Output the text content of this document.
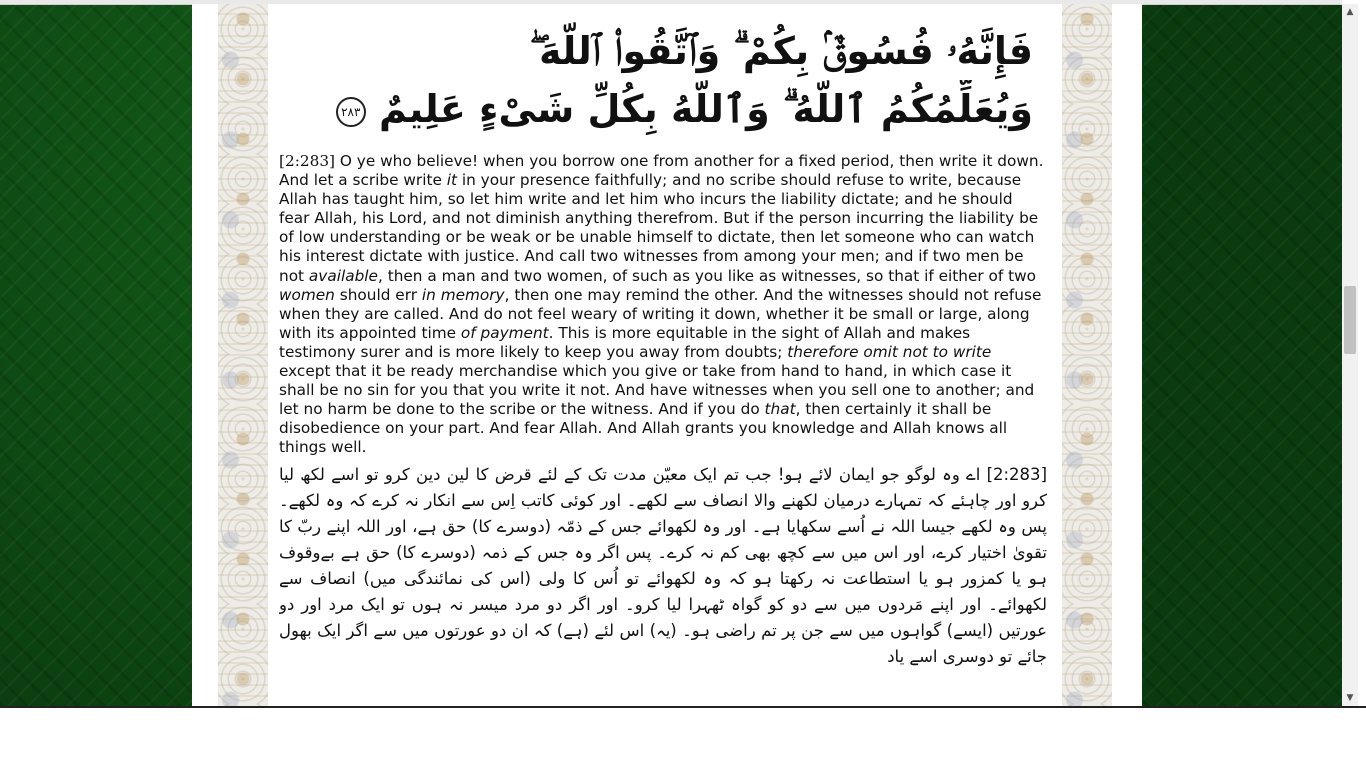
فَإِنَّهُۥ فُسُوقٌۢ بِكُمْ ۗ وَٱتَّقُوا۟ ٱللَّهَ ۖ
وَيُعَلِّمُكُمُ ٱللَّهُ ۗ وَٱللَّهُ بِكُلِّ شَىْءٍ عَلِيمٌ ٢٨٣
[2:283] O ye who believe! when you borrow one from another for a fixed period, then write it down. And let a scribe write it in your presence faithfully; and no scribe should refuse to write, because Allah has taught him, so let him write and let him who incurs the liability dictate; and he should fear Allah, his Lord, and not diminish anything therefrom. But if the person incurring the liability be of low understanding or be weak or be unable himself to dictate, then let someone who can watch his interest dictate with justice. And call two witnesses from among your men; and if two men be not available, then a man and two women, of such as you like as witnesses, so that if either of two women should err in memory, then one may remind the other. And the witnesses should not refuse when they are called. And do not feel weary of writing it down, whether it be small or large, along with its appointed time of payment. This is more equitable in the sight of Allah and makes testimony surer and is more likely to keep you away from doubts; therefore omit not to write except that it be ready merchandise which you give or take from hand to hand, in which case it shall be no sin for you that you write it not. And have witnesses when you sell one to another; and let no harm be done to the scribe or the witness. And if you do that, then certainly it shall be disobedience on your part. And fear Allah. And Allah grants you knowledge and Allah knows all things well.
[2:283] اے وہ لوگو جو ایمان لائے ہو! جب تم ایک معیّن مدت تک کے لئے قرض کا لین دین کرو تو اسے لکھ لیا کرو اور چاہئے کہ تمہارے درمیان لکھنے والا انصاف سے لکھے۔ اور کوئی کاتب اِس سے انکار نہ کرے کہ وہ لکھے۔ پس وہ لکھے جیسا اللہ نے اُسے سکھایا ہے۔ اور وہ لکھوائے جس کے ذمّہ (دوسرے کا) حق ہے، اور اللہ اپنے ربّ کا تقویٰ اختیار کرے، اور اس میں سے کچھ بھی کم نہ کرے۔ پس اگر وہ جس کے ذمہ (دوسرے کا) حق ہے بےوقوف ہو یا کمزور ہو یا استطاعت نہ رکھتا ہو کہ وہ لکھوائے تو اُس کا ولی (اس کی نمائندگی میں) انصاف سے لکھوائے۔ اور اپنے مَردوں میں سے دو کو گواہ ٹھہرا لیا کرو۔ اور اگر دو مرد میسر نہ ہوں تو ایک مرد اور دو عورتیں (ایسے) گواہوں میں سے جن پر تم راضی ہو۔ (یہ) اس لئے (ہے) کہ ان دو عورتوں میں سے اگر ایک بھول جائے تو دوسری اسے یاد
▲
▼
